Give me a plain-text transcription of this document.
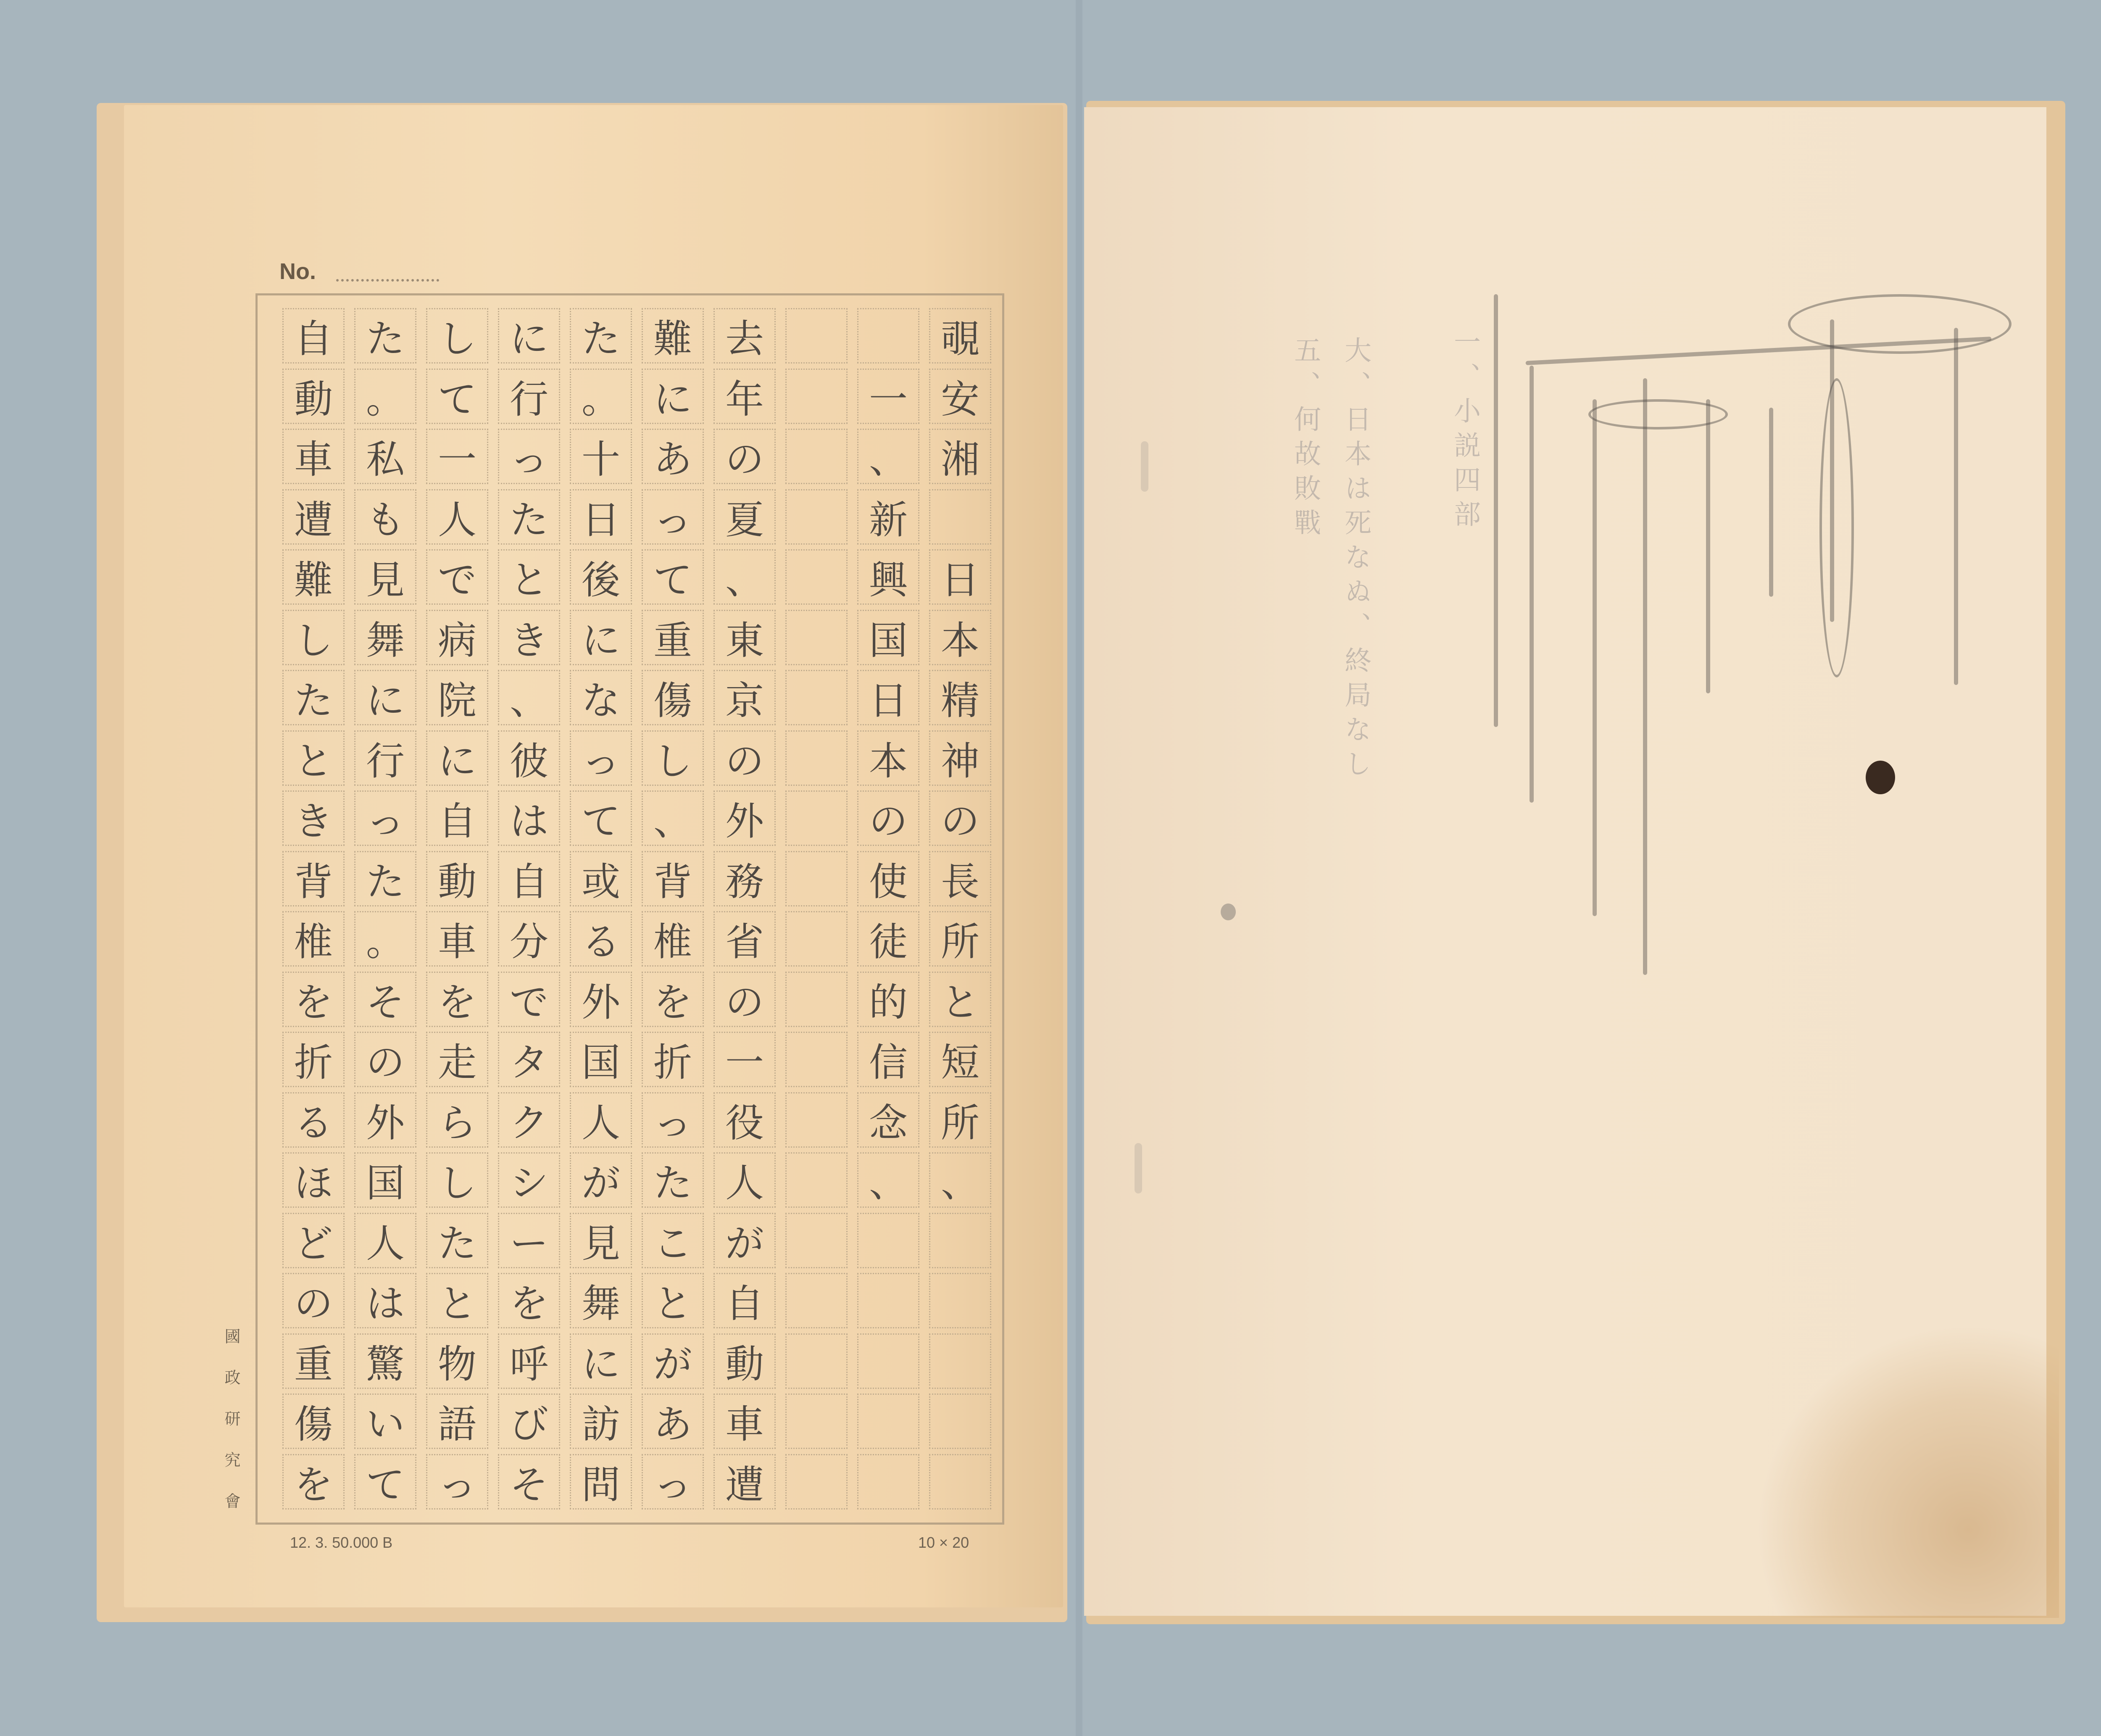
No.
覗
安
湘

日
本
精
神
の
長
所
と
短
所
、

一
、
新
興
国
日
本
の
使
徒
的
信
念
、
去
年
の
夏
、
東
京
の
外
務
省
の
一
役
人
が
自
動
車
遭
難
に
あ
っ
て
重
傷
し
、
背
椎
を
折
っ
た
こ
と
が
あ
っ
た
。
十
日
後
に
な
っ
て
或
る
外
国
人
が
見
舞
に
訪
問
に
行
っ
た
と
き
、
彼
は
自
分
で
タ
ク
シ
ー
を
呼
び
そ
し
て
一
人
で
病
院
に
自
動
車
を
走
ら
し
た
と
物
語
っ
た
。
私
も
見
舞
に
行
っ
た
。
そ
の
外
国
人
は
驚
い
て
自
動
車
遭
難
し
た
と
き
背
椎
を
折
る
ほ
ど
の
重
傷
を
國政研究會
12. 3. 50.000 B	10 × 20
一、小説四部
大、日本は死なぬ、終局なし
五、何故敗戰
